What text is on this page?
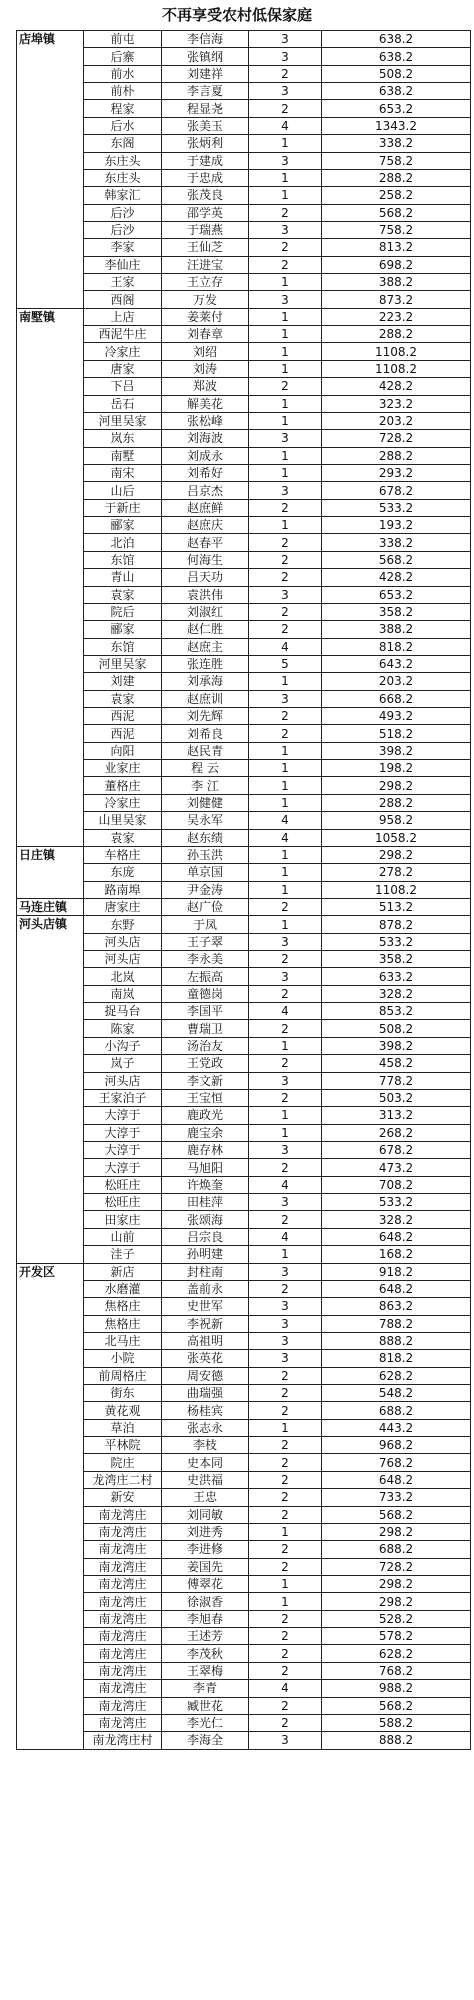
不再享受农村低保家庭
店埠镇	前屯	李信海	3	638.2
	后寨	张镇纲	3	638.2
	前水	刘建祥	2	508.2
	前朴	李言夏	3	638.2
	程家	程显尧	2	653.2
	后水	张美玉	4	1343.2
	东阁	张炳利	1	338.2
	东庄头	于建成	3	758.2
	东庄头	于忠成	1	288.2
	韩家汇	张茂良	1	258.2
	后沙	邵学英	2	568.2
	后沙	于瑞燕	3	758.2
	李家	王仙芝	2	813.2
	李仙庄	汪进宝	2	698.2
	王家	王立存	1	388.2
	西阁	万发	3	873.2
南墅镇	上店	姜莱付	1	223.2
	西泥牛庄	刘春章	1	288.2
	冷家庄	刘绍	1	1108.2
	唐家	刘涛	1	1108.2
	下吕	郑波	2	428.2
	岳石	解美花	1	323.2
	河里吴家	张松峰	1	203.2
	岚东	刘海波	3	728.2
	南墅	刘成永	1	288.2
	南宋	刘希好	1	293.2
	山后	吕京杰	3	678.2
	于新庄	赵庶鲜	2	533.2
	郦家	赵庶庆	1	193.2
	北泊	赵春平	2	338.2
	东馆	何海生	2	568.2
	青山	吕天功	2	428.2
	袁家	袁洪伟	3	653.2
	院后	刘淑红	2	358.2
	郦家	赵仁胜	2	388.2
	东馆	赵庶主	4	818.2
	河里吴家	张连胜	5	643.2
	刘建	刘承海	1	203.2
	袁家	赵庶训	3	668.2
	西泥	刘先辉	2	493.2
	西泥	刘希良	2	518.2
	向阳	赵民青	1	398.2
	业家庄	程 云	1	198.2
	董格庄	李 江	1	298.2
	冷家庄	刘健健	1	288.2
	山里吴家	吴永军	4	958.2
	袁家	赵东绩	4	1058.2
日庄镇	车格庄	孙玉洪	1	298.2
	东庞	单京国	1	278.2
	路南埠	尹金涛	1	1108.2
马连庄镇	唐家庄	赵广俭	2	513.2
河头店镇	东野	于凤	1	878.2
	河头店	王子翠	3	533.2
	河头店	李永美	2	358.2
	北岚	左振高	3	633.2
	南岚	童德岗	2	328.2
	捉马台	李国平	4	853.2
	陈家	曹瑞卫	2	508.2
	小沟子	汤治友	1	398.2
	岚子	王党政	2	458.2
	河头店	李文新	3	778.2
	王家泊子	王宝恒	2	503.2
	大淳于	鹿政光	1	313.2
	大淳于	鹿宝余	1	268.2
	大淳于	鹿存林	3	678.2
	大淳于	马旭阳	2	473.2
	松旺庄	许焕奎	4	708.2
	松旺庄	田桂萍	3	533.2
	田家庄	张颂海	2	328.2
	山前	吕宗良	4	648.2
	洼子	孙明建	1	168.2
开发区	新店	封柱南	3	918.2
	水磨灌	盖前永	2	648.2
	焦格庄	史世军	3	863.2
	焦格庄	李祝新	3	788.2
	北马庄	高祖明	3	888.2
	小院	张英花	3	818.2
	前周格庄	周安德	2	628.2
	街东	曲瑞强	2	548.2
	黄花观	杨桂宾	2	688.2
	草泊	张志永	1	443.2
	平林院	李枝	2	968.2
	院庄	史本同	2	768.2
	龙湾庄二村	史洪福	2	648.2
	新安	王忠	2	733.2
	南龙湾庄	刘同敏	2	568.2
	南龙湾庄	刘进秀	1	298.2
	南龙湾庄	李进修	2	688.2
	南龙湾庄	姜国先	2	728.2
	南龙湾庄	傅翠花	1	298.2
	南龙湾庄	徐淑香	1	298.2
	南龙湾庄	李旭春	2	528.2
	南龙湾庄	王述芳	2	578.2
	南龙湾庄	李茂秋	2	628.2
	南龙湾庄	王翠梅	2	768.2
	南龙湾庄	李青	4	988.2
	南龙湾庄	臧世花	2	568.2
	南龙湾庄	李光仁	2	588.2
	南龙湾庄村	李海全	3	888.2
